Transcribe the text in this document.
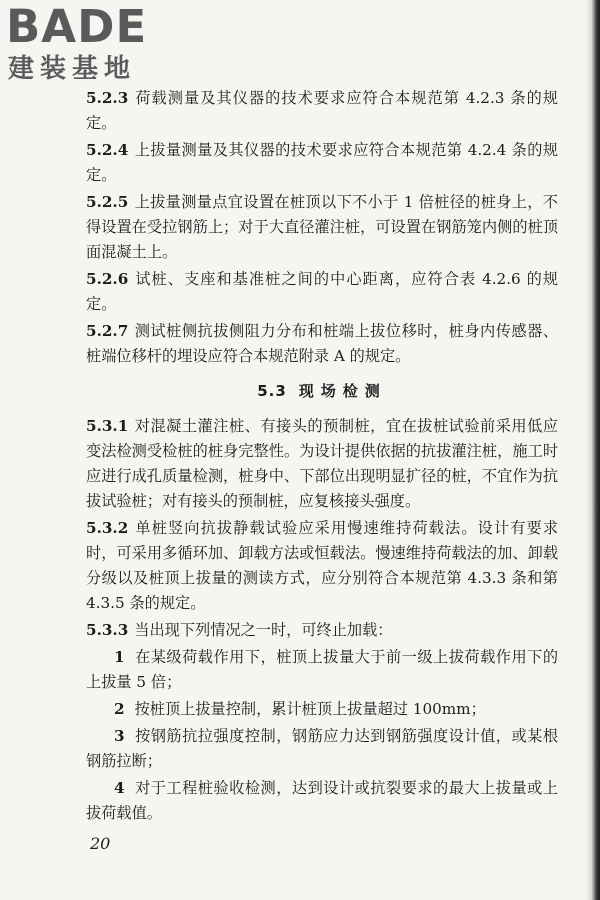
BADE
建装基地

5.2.3 荷载测量及其仪器的技术要求应符合本规范第 4.2.3 条的规定。

5.2.4 上拔量测量及其仪器的技术要求应符合本规范第 4.2.4 条的规定。

5.2.5 上拔量测量点宜设置在桩顶以下不小于 1 倍桩径的桩身上，不得设置在受拉钢筋上；对于大直径灌注桩，可设置在钢筋笼内侧的桩顶面混凝土上。

5.2.6 试桩、支座和基准桩之间的中心距离，应符合表 4.2.6 的规定。

5.2.7 测试桩侧抗拔侧阻力分布和桩端上拔位移时，桩身内传感器、桩端位移杆的埋设应符合本规范附录 A 的规定。

5.3 现场检测

5.3.1 对混凝土灌注桩、有接头的预制桩，宜在拔桩试验前采用低应变法检测受检桩的桩身完整性。为设计提供依据的抗拔灌注桩，施工时应进行成孔质量检测，桩身中、下部位出现明显扩径的桩，不宜作为抗拔试验桩；对有接头的预制桩，应复核接头强度。

5.3.2 单桩竖向抗拔静载试验应采用慢速维持荷载法。设计有要求时，可采用多循环加、卸载方法或恒载法。慢速维持荷载法的加、卸载分级以及桩顶上拔量的测读方式，应分别符合本规范第 4.3.3 条和第 4.3.5 条的规定。

5.3.3 当出现下列情况之一时，可终止加载：

1 在某级荷载作用下，桩顶上拔量大于前一级上拔荷载作用下的上拔量 5 倍；

2 按桩顶上拔量控制，累计桩顶上拔量超过 100mm；

3 按钢筋抗拉强度控制，钢筋应力达到钢筋强度设计值，或某根钢筋拉断；

4 对于工程桩验收检测，达到设计或抗裂要求的最大上拔量或上拔荷载值。

20
